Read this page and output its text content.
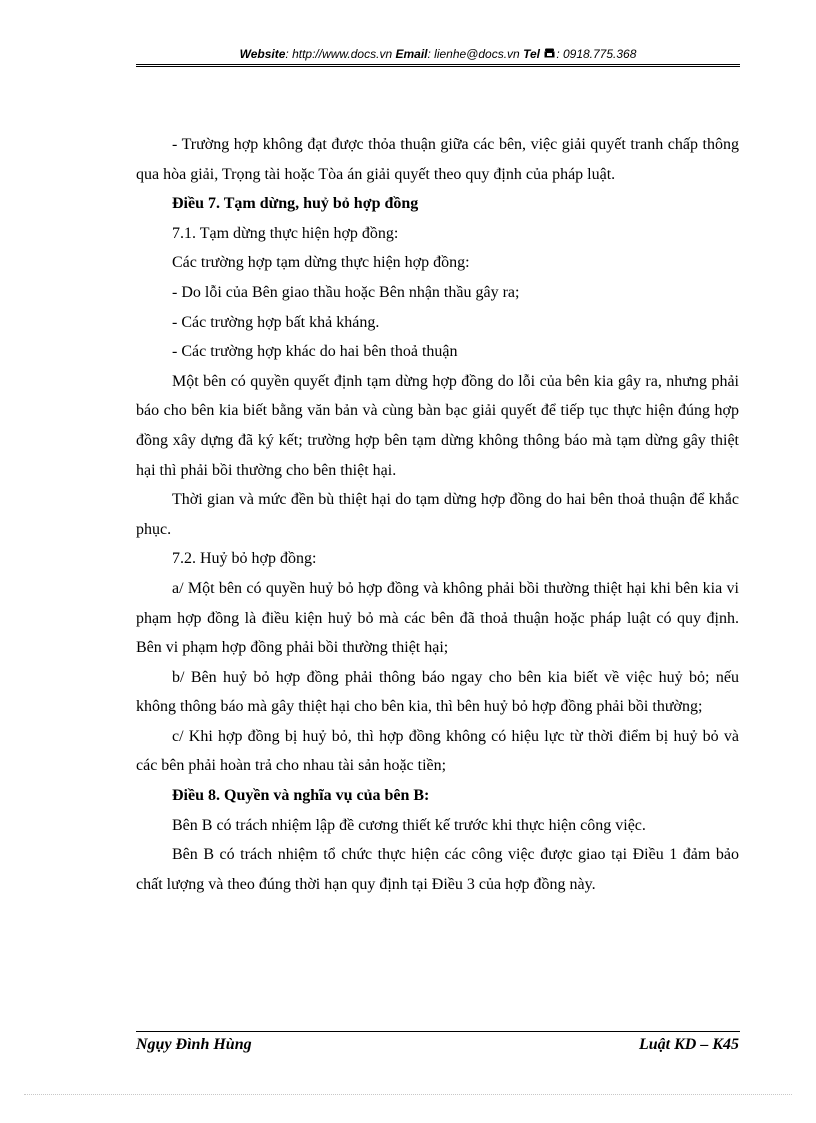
Website: http://www.docs.vn Email: lienhe@docs.vn Tel : 0918.775.368

- Trường hợp không đạt được thỏa thuận giữa các bên, việc giải quyết tranh chấp thông qua hòa giải, Trọng tài hoặc Tòa án giải quyết theo quy định của pháp luật.

Điều 7. Tạm dừng, huỷ bỏ hợp đồng

7.1. Tạm dừng thực hiện hợp đồng:

Các trường hợp tạm dừng thực hiện hợp đồng:

- Do lỗi của Bên giao thầu hoặc Bên nhận thầu gây ra;

- Các trường hợp bất khả kháng.

- Các trường hợp khác do hai bên thoả thuận

Một bên có quyền quyết định tạm dừng hợp đồng do lỗi của bên kia gây ra, nhưng phải báo cho bên kia biết bằng văn bản và cùng bàn bạc giải quyết để tiếp tục thực hiện đúng hợp đồng xây dựng đã ký kết; trường hợp bên tạm dừng không thông báo mà tạm dừng gây thiệt hại thì phải bồi thường cho bên thiệt hại.

Thời gian và mức đền bù thiệt hại do tạm dừng hợp đồng do hai bên thoả thuận để khắc phục.

7.2. Huỷ bỏ hợp đồng:

a/ Một bên có quyền huỷ bỏ hợp đồng và không phải bồi thường thiệt hại khi bên kia vi phạm hợp đồng là điều kiện huỷ bỏ mà các bên đã thoả thuận hoặc pháp luật có quy định. Bên vi phạm hợp đồng phải bồi thường thiệt hại;

b/ Bên huỷ bỏ hợp đồng phải thông báo ngay cho bên kia biết về việc huỷ bỏ; nếu không thông báo mà gây thiệt hại cho bên kia, thì bên huỷ bỏ hợp đồng phải bồi thường;

c/ Khi hợp đồng bị huỷ bỏ, thì hợp đồng không có hiệu lực từ thời điểm bị huỷ bỏ và các bên phải hoàn trả cho nhau tài sản hoặc tiền;

Điều 8. Quyền và nghĩa vụ của bên B:

Bên B có trách nhiệm lập đề cương thiết kế trước khi thực hiện công việc.

Bên B có trách nhiệm tổ chức thực hiện các công việc được giao tại Điều 1 đảm bảo chất lượng và theo đúng thời hạn quy định tại Điều 3 của hợp đồng này.

Ngụy Đình Hùng	Luật KD – K45
